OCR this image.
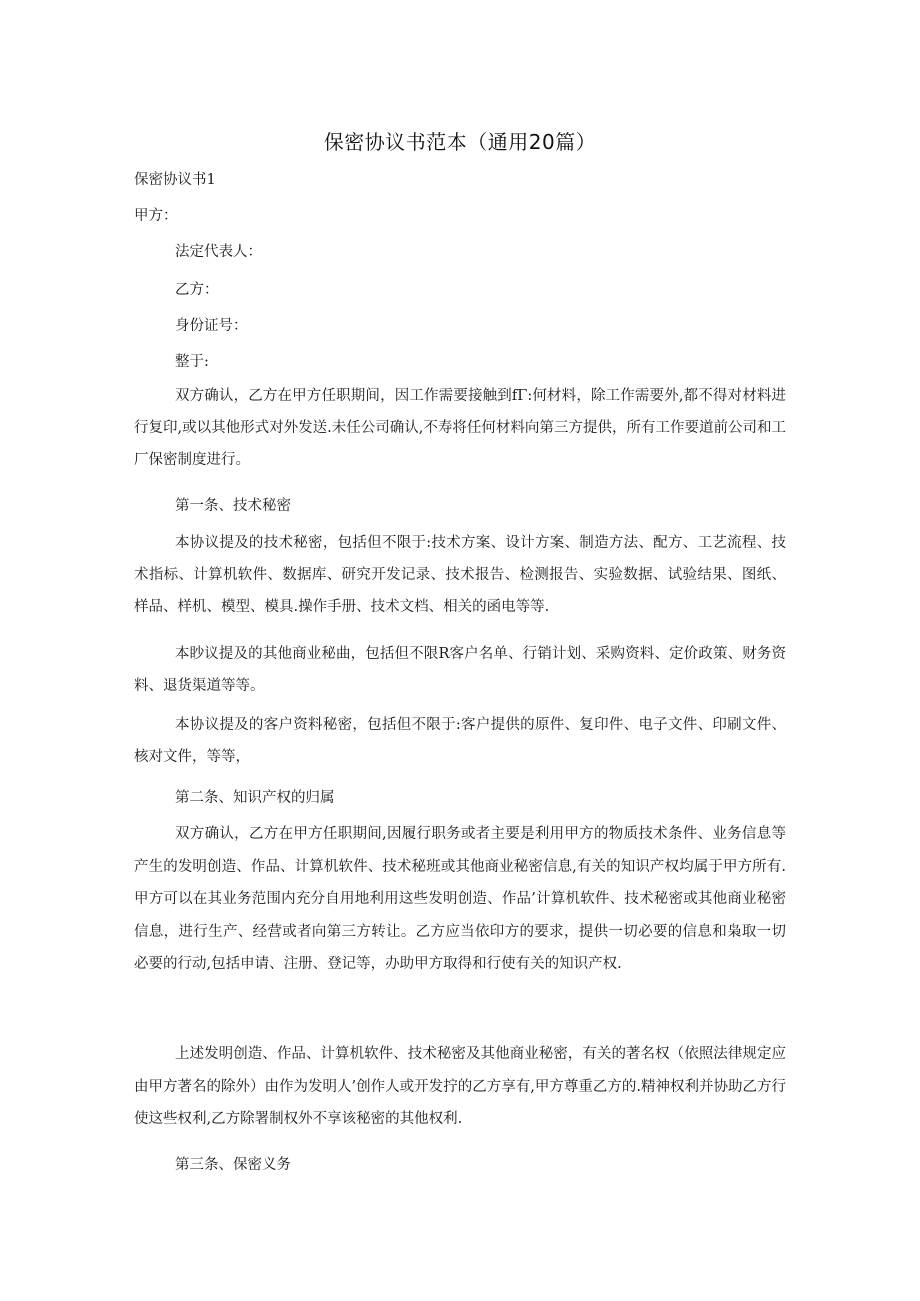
保密协议书范本（通用20篇）
保密协议书1
甲方：
法定代表人：
乙方：
身份证号：
整于:
双方确认，乙方在甲方任职期间，因工作需要接触到fΓ:何材料，除工作需要外,都不得对材料进行复印,或以其他形式对外发送.未任公司确认,不寿将任何材料向第三方提供，所有工作要道前公司和工厂保密制度进行。
第一条、技术秘密
本协议提及的技术秘密，包括但不限于:技术方案、设计方案、制造方法、配方、工艺流程、技术指标、计算机软件、数据库、研究开发记录、技术报告、检测报告、实验数据、试验结果、图纸、样品、样机、模型、模具.操作手册、技术文档、相关的函电等等.
本眇议提及的其他商业秘曲，包括但不限R客户名单、行销计划、采购资料、定价政策、财务资料、退货渠道等等。
本协议提及的客户资料秘密，包括但不限于:客户提供的原件、复印件、电子文件、印刷文件、核对文件，等等，
第二条、知识产权的归属
双方确认，乙方在甲方任职期间,因履行职务或者主要是利用甲方的物质技术条件、业务信息等产生的发明创造、作品、计算机软件、技术秘班或其他商业秘密信息,有关的知识产权均属于甲方所有.甲方可以在其业务范围内充分自用地利用这些发明创造、作品’计算机软件、技术秘密或其他商业秘密信息，进行生产、经营或者向第三方转让。乙方应当依印方的要求，提供一切必要的信息和枭取一切必要的行动,包括申请、注册、登记等，办助甲方取得和行使有关的知识产权.
上述发明创造、作品、计算机软件、技术秘密及其他商业秘密，有关的著名权（依照法律规定应由甲方著名的除外）由作为发明人’创作人或开发拧的乙方享有,甲方尊重乙方的.精神权利并协助乙方行使这些权利,乙方除署制权外不享该秘密的其他权利.
第三条、保密义务
